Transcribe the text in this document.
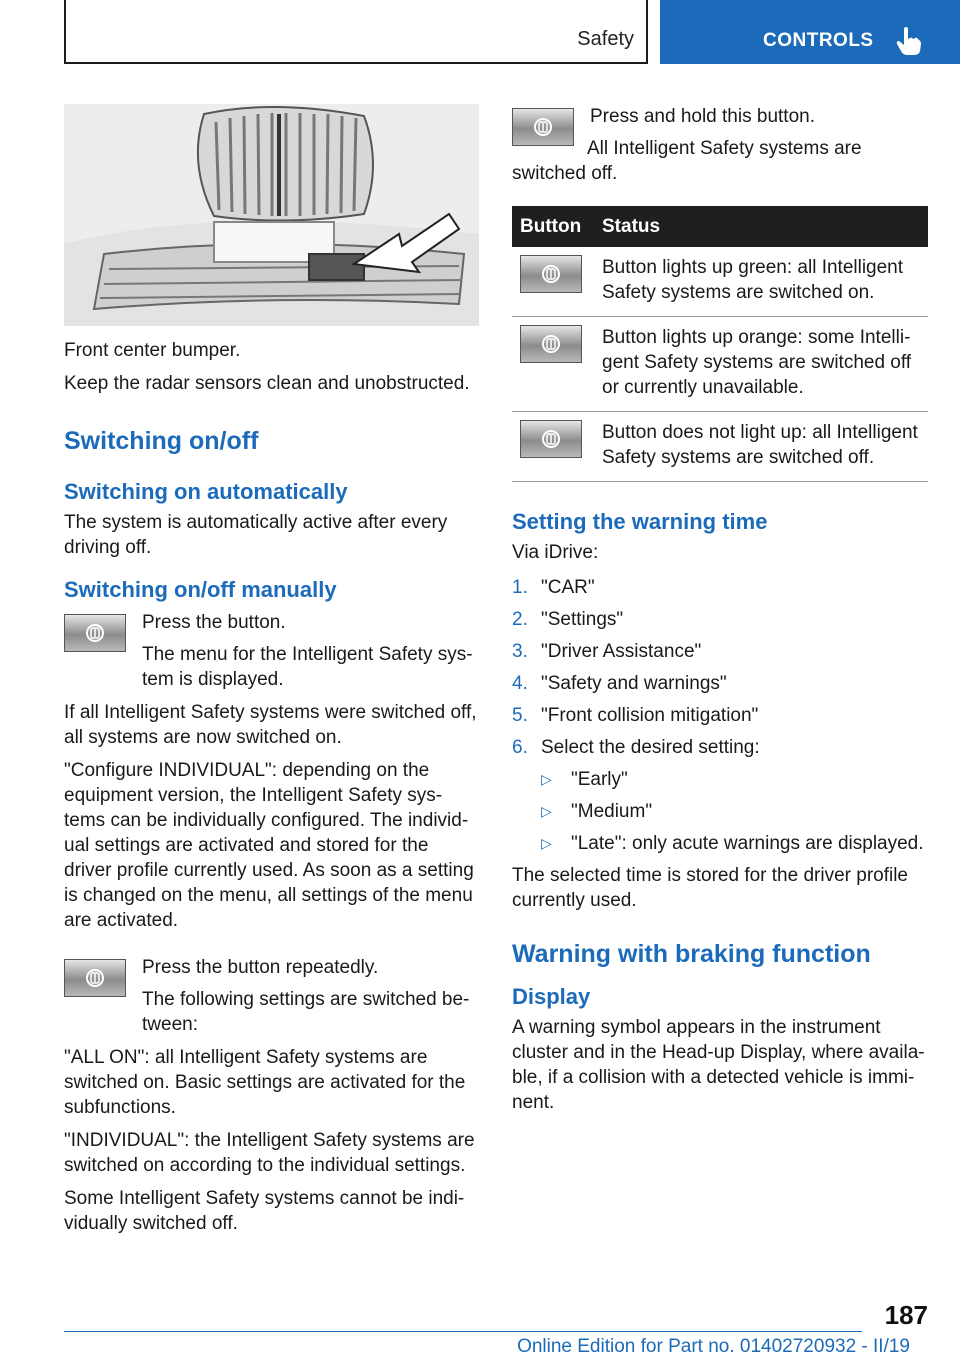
Safety	CONTROLS

Front center bumper.

Keep the radar sensors clean and unobstructed.

Switching on/off
Switching on automatically

The system is automatically active after every driving off.

Switching on/off manually

Press the button.

The menu for the Intelligent Safety sys-tem is displayed.

If all Intelligent Safety systems were switched off, all systems are now switched on.

"Configure INDIVIDUAL": depending on the equipment version, the Intelligent Safety sys-tems can be individually configured. The individ-ual settings are activated and stored for the driver profile currently used. As soon as a setting is changed on the menu, all settings of the menu are activated.

Press the button repeatedly.

The following settings are switched be-tween:

"ALL ON": all Intelligent Safety systems are switched on. Basic settings are activated for the subfunctions.

"INDIVIDUAL": the Intelligent Safety systems are switched on according to the individual settings.

Some Intelligent Safety systems cannot be indi-vidually switched off.

Press and hold this button.

All Intelligent Safety systems are switched off.

Button	Status

	Button lights up green: all Intelligent Safety systems are switched on.

	Button lights up orange: some Intelli-gent Safety systems are switched off or currently unavailable.

	Button does not light up: all Intelligent Safety systems are switched off.
Setting the warning time

Via iDrive:

1. "CAR"
2. "Settings"
3. "Driver Assistance"
4. "Safety and warnings"
5. "Front collision mitigation"
6. Select the desired setting:
▷ "Early"
▷ "Medium"
▷ "Late": only acute warnings are displayed.

The selected time is stored for the driver profile currently used.

Warning with braking function
Display

A warning symbol appears in the instrument cluster and in the Head-up Display, where availa-ble, if a collision with a detected vehicle is immi-nent.

187
Online Edition for Part no. 01402720932 - II/19
